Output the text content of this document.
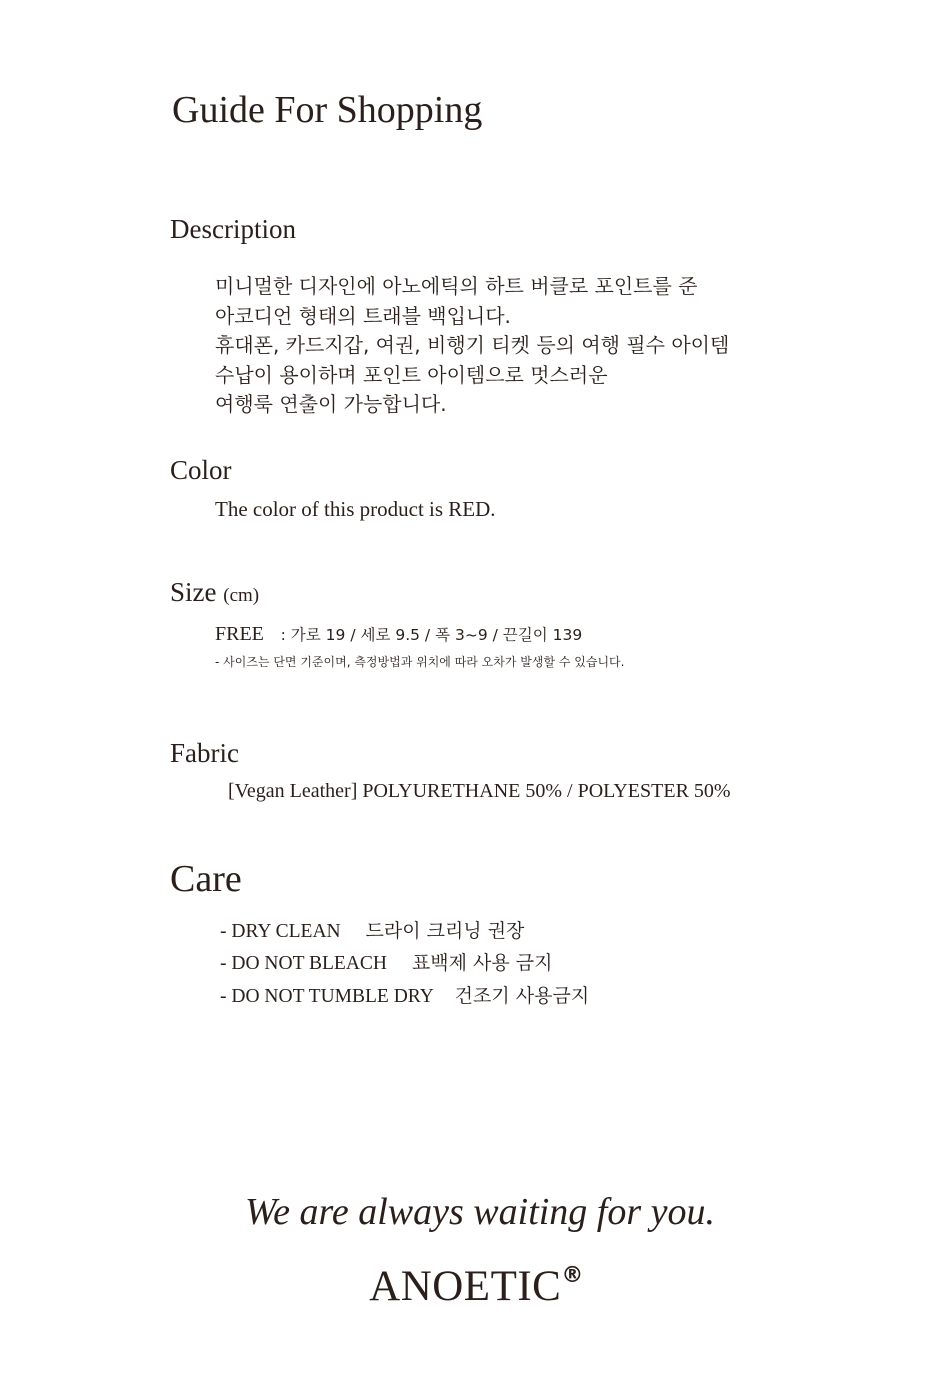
Guide For Shopping
Description
미니멀한 디자인에 아노에틱의 하트 버클로 포인트를 준
아코디언 형태의 트래블 백입니다.
휴대폰, 카드지갑, 여권, 비행기 티켓 등의 여행 필수 아이템
수납이 용이하며 포인트 아이템으로 멋스러운
여행룩 연출이 가능합니다.
Color
The color of this product is RED.
Size (cm)
FREE : 가로 19 / 세로 9.5 / 폭 3~9 / 끈길이 139
- 사이즈는 단면 기준이며, 측정방법과 위치에 따라 오차가 발생할 수 있습니다.
Fabric
[Vegan Leather] POLYURETHANE 50% / POLYESTER 50%
Care
- DRY CLEAN 드라이 크리닝 권장
- DO NOT BLEACH 표백제 사용 금지
- DO NOT TUMBLE DRY 건조기 사용금지
We are always waiting for you.
ANOETIC®
